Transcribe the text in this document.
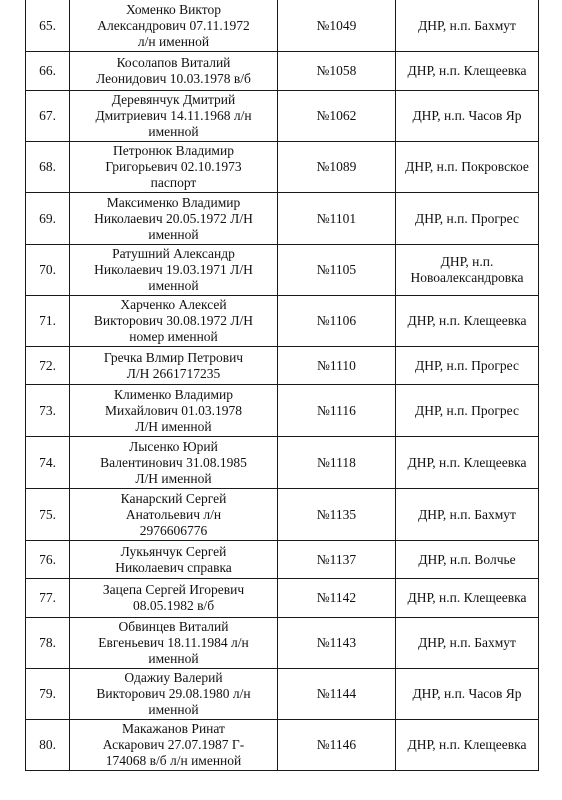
65.	Хоменко Виктор
Александрович 07.11.1972
л/н именной	№1049	ДНР, н.п. Бахмут

66.	Косолапов Виталий
Леонидович 10.03.1978 в/б	№1058	ДНР, н.п. Клещеевка

67.	Деревянчук Дмитрий
Дмитриевич 14.11.1968 л/н
именной	№1062	ДНР, н.п. Часов Яр

68.	Петронюк Владимир
Григорьевич 02.10.1973
паспорт	№1089	ДНР, н.п. Покровское

69.	Максименко Владимир
Николаевич 20.05.1972 Л/Н
именной	№1101	ДНР, н.п. Прогрес

70.	Ратушний Александр
Николаевич 19.03.1971 Л/Н
именной	№1105	ДНР, н.п.
Новоалександровка

71.	Харченко Алексей
Викторович 30.08.1972 Л/Н
номер именной	№1106	ДНР, н.п. Клещеевка

72.	Гречка Влмир Петрович
Л/Н 2661717235	№1110	ДНР, н.п. Прогрес

73.	Клименко Владимир
Михайлович 01.03.1978
Л/Н именной	№1116	ДНР, н.п. Прогрес

74.	Лысенко Юрий
Валентинович 31.08.1985
Л/Н именной	№1118	ДНР, н.п. Клещеевка

75.	Канарский Сергей
Анатольевич л/н
2976606776	№1135	ДНР, н.п. Бахмут

76.	Лукьянчук Сергей
Николаевич справка	№1137	ДНР, н.п. Волчье

77.	Зацепа Сергей Игоревич
08.05.1982 в/б	№1142	ДНР, н.п. Клещеевка

78.	Обвинцев Виталий
Евгеньевич 18.11.1984 л/н
именной	№1143	ДНР, н.п. Бахмут

79.	Одажиу Валерий
Викторович 29.08.1980 л/н
именной	№1144	ДНР, н.п. Часов Яр

80.	Макажанов Ринат
Аскарович 27.07.1987 Г-
174068 в/б л/н именной	№1146	ДНР, н.п. Клещеевка
